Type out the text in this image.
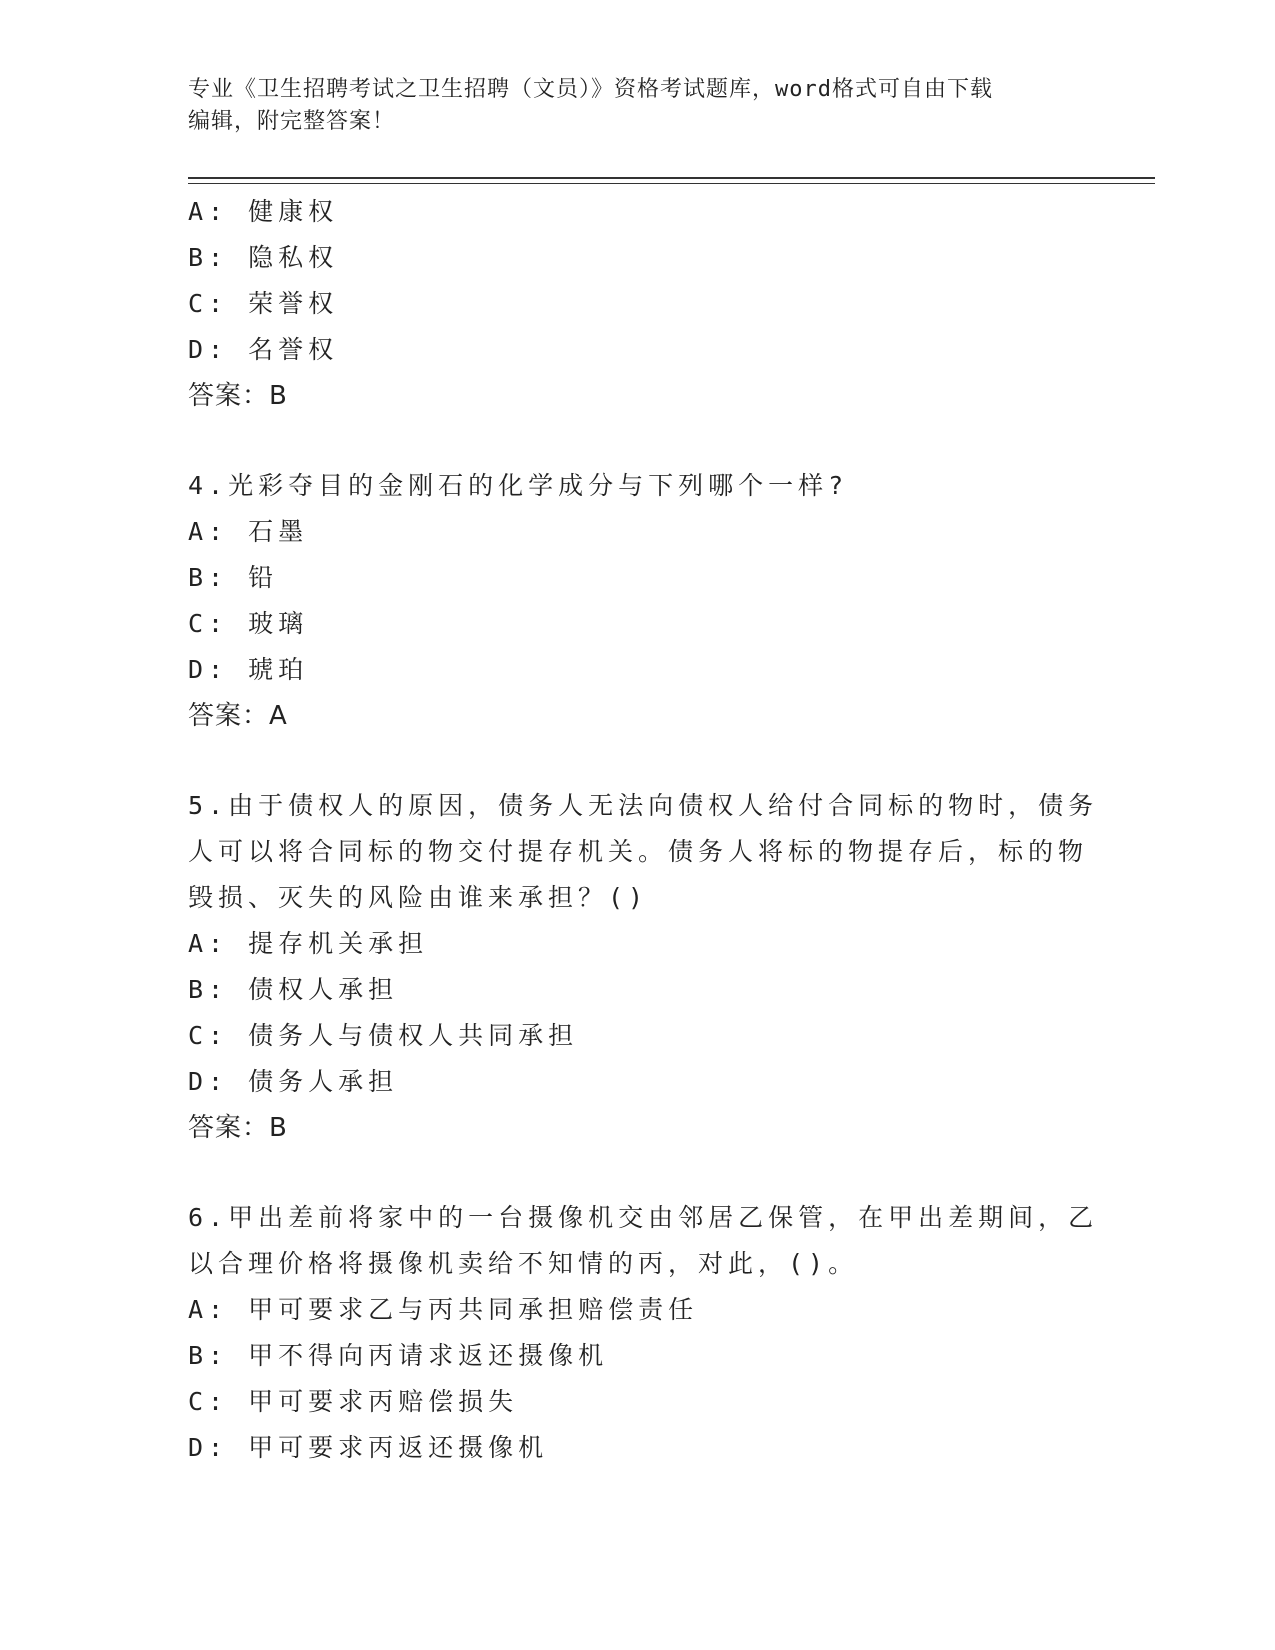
专业《卫生招聘考试之卫生招聘（文员）》资格考试题库，word格式可自由下载
编辑，附完整答案！
A: 健康权
B: 隐私权
C: 荣誉权
D: 名誉权
答案：B
4.光彩夺目的金刚石的化学成分与下列哪个一样?
A: 石墨
B: 铅
C: 玻璃
D: 琥珀
答案：A
5.由于债权人的原因，债务人无法向债权人给付合同标的物时，债务
人可以将合同标的物交付提存机关。债务人将标的物提存后，标的物
毁损、灭失的风险由谁来承担？()
A: 提存机关承担
B: 债权人承担
C: 债务人与债权人共同承担
D: 债务人承担
答案：B
6.甲出差前将家中的一台摄像机交由邻居乙保管，在甲出差期间，乙
以合理价格将摄像机卖给不知情的丙，对此，()。
A: 甲可要求乙与丙共同承担赔偿责任
B: 甲不得向丙请求返还摄像机
C: 甲可要求丙赔偿损失
D: 甲可要求丙返还摄像机
